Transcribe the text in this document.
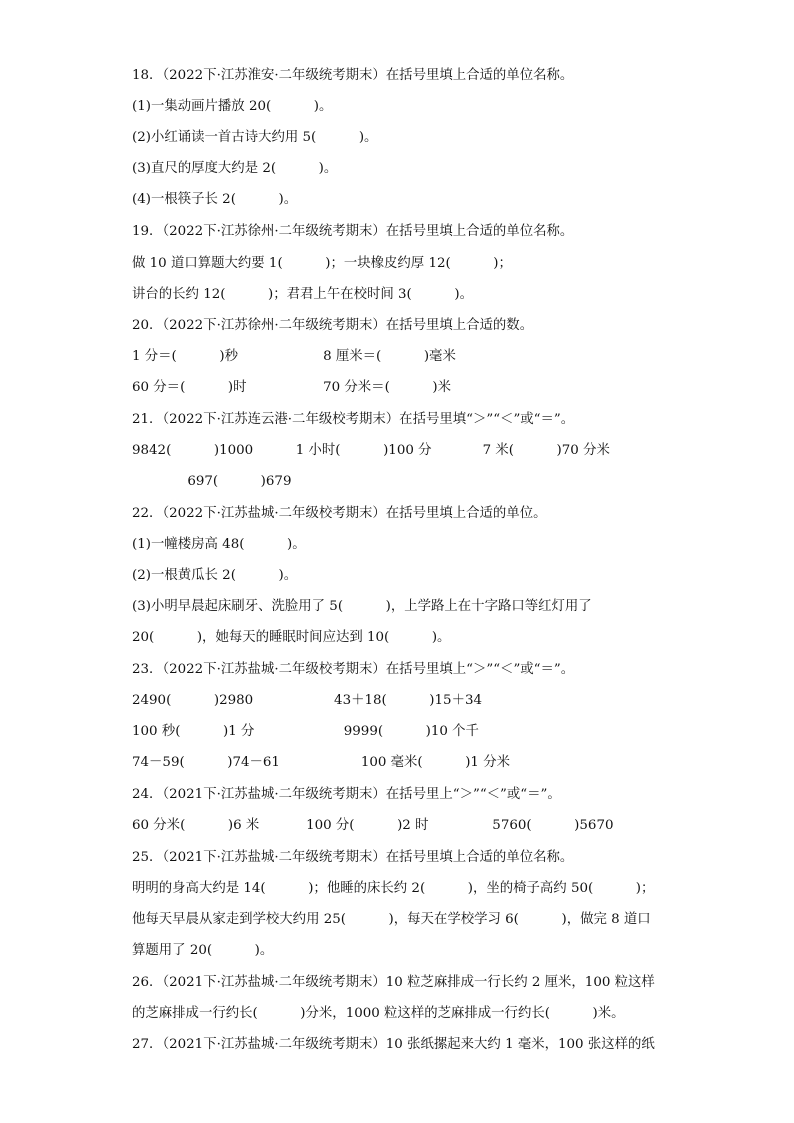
18．（2022下·江苏淮安·二年级统考期末）在括号里填上合适的单位名称。
(1)一集动画片播放 20(          )。
(2)小红诵读一首古诗大约用 5(          )。
(3)直尺的厚度大约是 2(          )。
(4)一根筷子长 2(          )。
19．（2022下·江苏徐州·二年级统考期末）在括号里填上合适的单位名称。
做 10 道口算题大约要 1(          )；一块橡皮约厚 12(          )；
讲台的长约 12(          )；君君上午在校时间 3(          )。
20．（2022下·江苏徐州·二年级统考期末）在括号里填上合适的数。
1 分＝(          )秒                    8 厘米＝(          )毫米
60 分＝(          )时                  70 分米＝(          )米
21．（2022下·江苏连云港·二年级校考期末）在括号里填“＞”“＜”或“＝”。
9842(          )1000          1 小时(          )100 分            7 米(          )70 分米
697(          )679
22．（2022下·江苏盐城·二年级校考期末）在括号里填上合适的单位。
(1)一幢楼房高 48(          )。
(2)一根黄瓜长 2(          )。
(3)小明早晨起床刷牙、洗脸用了 5(          )，上学路上在十字路口等红灯用了
20(          )，她每天的睡眠时间应达到 10(          )。
23．（2022下·江苏盐城·二年级校考期末）在括号里填上“＞”“＜”或“＝”。
2490(          )2980                   43＋18(          )15＋34
100 秒(          )1 分                     9999(          )10 个千
74－59(          )74－61                   100 毫米(          )1 分米
24．（2021下·江苏盐城·二年级统考期末）在括号里上“＞”“＜”或“＝”。
60 分米(          )6 米           100 分(          )2 时               5760(          )5670
25．（2021下·江苏盐城·二年级统考期末）在括号里填上合适的单位名称。
明明的身高大约是 14(          )；他睡的床长约 2(          )，坐的椅子高约 50(          )；
他每天早晨从家走到学校大约用 25(          )，每天在学校学习 6(          )，做完 8 道口
算题用了 20(          )。
26．（2021下·江苏盐城·二年级统考期末）10 粒芝麻排成一行长约 2 厘米，100 粒这样
的芝麻排成一行约长(          )分米，1000 粒这样的芝麻排成一行约长(          )米。
27．（2021下·江苏盐城·二年级统考期末）10 张纸摞起来大约 1 毫米，100 张这样的纸
